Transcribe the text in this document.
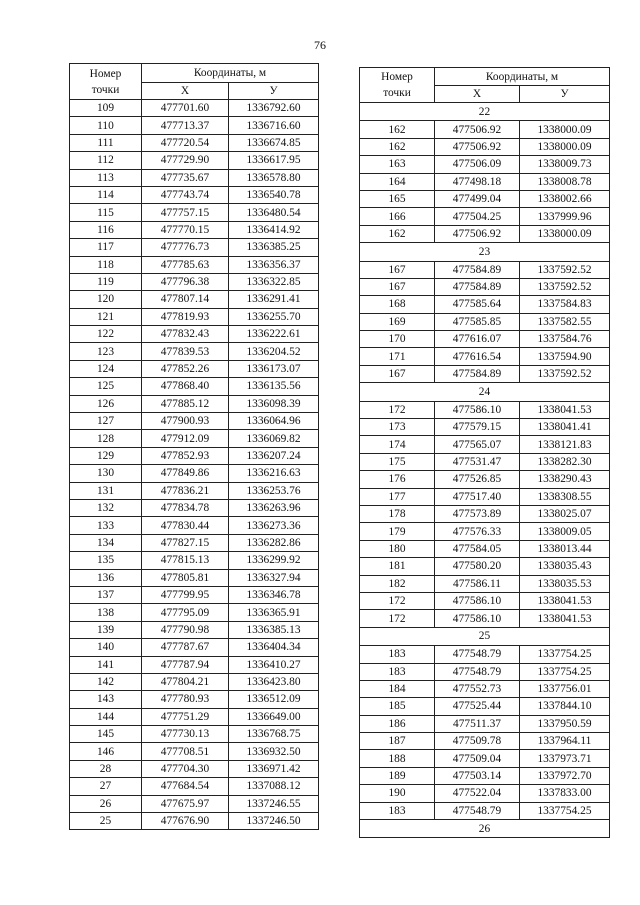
76
Номер
точки	Координаты, м	
	X	У
109	477701.60	1336792.60
110	477713.37	1336716.60
111	477720.54	1336674.85
112	477729.90	1336617.95
113	477735.67	1336578.80
114	477743.74	1336540.78
115	477757.15	1336480.54
116	477770.15	1336414.92
117	477776.73	1336385.25
118	477785.63	1336356.37
119	477796.38	1336322.85
120	477807.14	1336291.41
121	477819.93	1336255.70
122	477832.43	1336222.61
123	477839.53	1336204.52
124	477852.26	1336173.07
125	477868.40	1336135.56
126	477885.12	1336098.39
127	477900.93	1336064.96
128	477912.09	1336069.82
129	477852.93	1336207.24
130	477849.86	1336216.63
131	477836.21	1336253.76
132	477834.78	1336263.96
133	477830.44	1336273.36
134	477827.15	1336282.86
135	477815.13	1336299.92
136	477805.81	1336327.94
137	477799.95	1336346.78
138	477795.09	1336365.91
139	477790.98	1336385.13
140	477787.67	1336404.34
141	477787.94	1336410.27
142	477804.21	1336423.80
143	477780.93	1336512.09
144	477751.29	1336649.00
145	477730.13	1336768.75
146	477708.51	1336932.50
28	477704.30	1336971.42
27	477684.54	1337088.12
26	477675.97	1337246.55
25	477676.90	1337246.50
Номер
точки	Координаты, м	
	X	У
22		
162	477506.92	1338000.09
162	477506.92	1338000.09
163	477506.09	1338009.73
164	477498.18	1338008.78
165	477499.04	1338002.66
166	477504.25	1337999.96
162	477506.92	1338000.09
23		
167	477584.89	1337592.52
167	477584.89	1337592.52
168	477585.64	1337584.83
169	477585.85	1337582.55
170	477616.07	1337584.76
171	477616.54	1337594.90
167	477584.89	1337592.52
24		
172	477586.10	1338041.53
173	477579.15	1338041.41
174	477565.07	1338121.83
175	477531.47	1338282.30
176	477526.85	1338290.43
177	477517.40	1338308.55
178	477573.89	1338025.07
179	477576.33	1338009.05
180	477584.05	1338013.44
181	477580.20	1338035.43
182	477586.11	1338035.53
172	477586.10	1338041.53
172	477586.10	1338041.53
25		
183	477548.79	1337754.25
183	477548.79	1337754.25
184	477552.73	1337756.01
185	477525.44	1337844.10
186	477511.37	1337950.59
187	477509.78	1337964.11
188	477509.04	1337973.71
189	477503.14	1337972.70
190	477522.04	1337833.00
183	477548.79	1337754.25
26		
